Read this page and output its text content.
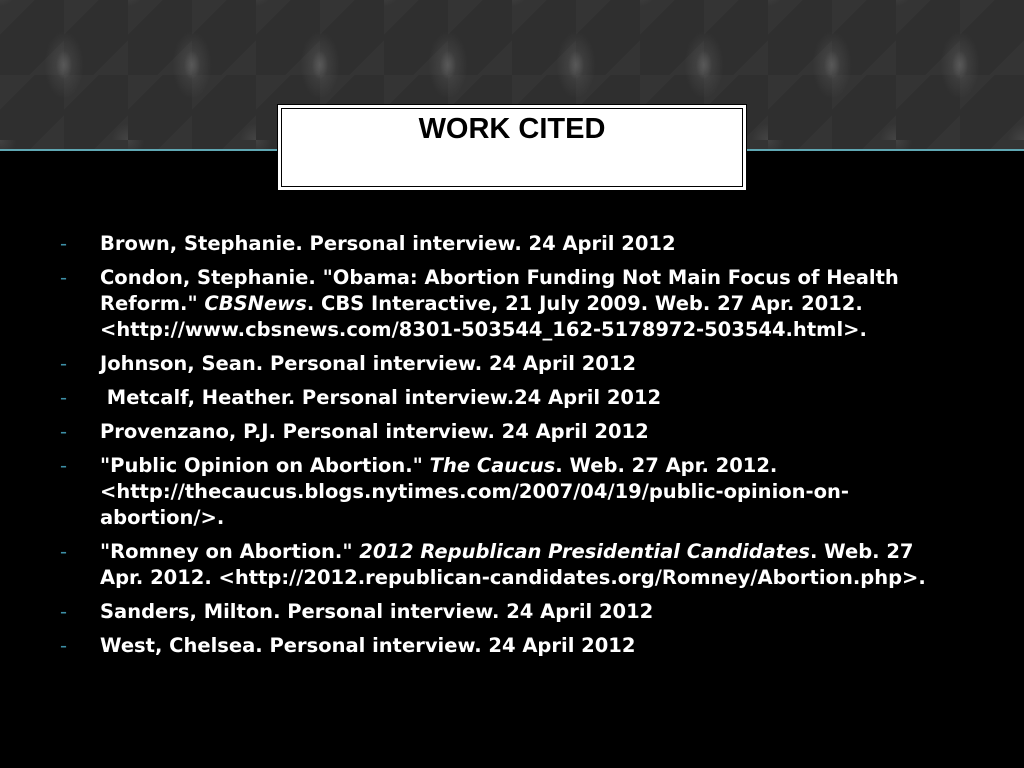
WORK CITED
- Brown, Stephanie. Personal interview. 24 April 2012
- Condon, Stephanie. "Obama: Abortion Funding Not Main Focus of Health Reform." CBSNews. CBS Interactive, 21 July 2009. Web. 27 Apr. 2012. <http://www.cbsnews.com/8301-503544_162-5178972-503544.html>.
- Johnson, Sean. Personal interview. 24 April 2012
- Metcalf, Heather. Personal interview.24 April 2012
- Provenzano, P.J. Personal interview. 24 April 2012
- "Public Opinion on Abortion." The Caucus. Web. 27 Apr. 2012. <http://thecaucus.blogs.nytimes.com/2007/04/19/public-opinion-on-abortion/>.
- "Romney on Abortion." 2012 Republican Presidential Candidates. Web. 27 Apr. 2012. <http://2012.republican-candidates.org/Romney/Abortion.php>.
- Sanders, Milton. Personal interview. 24 April 2012
- West, Chelsea. Personal interview. 24 April 2012
